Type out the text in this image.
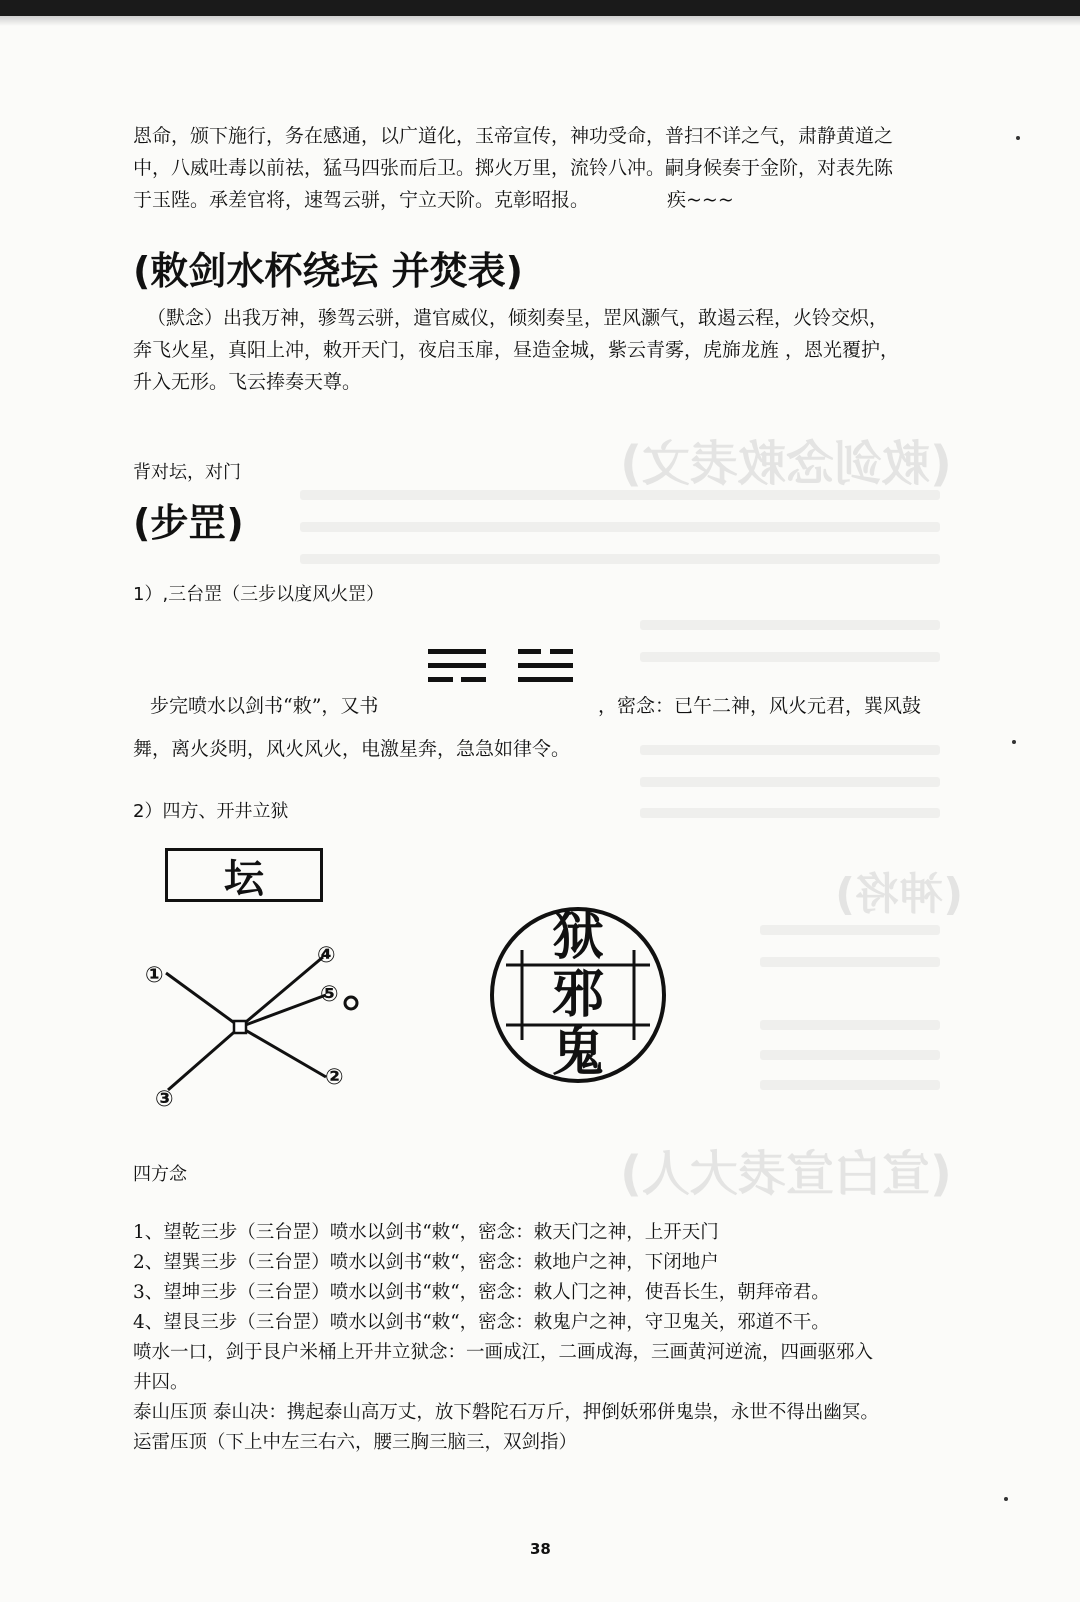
(敕剑念敕表文)
(神将)
(宣白宣表大人)
恩命，颁下施行，务在感通，以广道化，玉帝宣传，神功受命，普扫不详之气，肃静黄道之
中，八威吐毒以前祛，猛马四张而后卫。掷火万里，流铃八冲。嗣身候奏于金阶，对表先陈
于玉陛。承差官将，速驾云骈，宁立天阶。克彰昭报。	疾~~~
(敕剑水杯绕坛 并焚表)
（默念）出我万神，骖驾云骈，遣官威仪，倾刻奏呈，罡风灏气，敢遏云程，火铃交炽，
奔飞火星，真阳上冲，敕开天门，夜启玉扉，昼造金城，紫云青雾，虎旆龙旌 ，恩光覆护，
升入无形。飞云捧奏天尊。
背对坛，对门
(步罡)
1）,三台罡（三步以度风火罡）
步完喷水以剑书“敕”，又书	，密念：已午二神，风火元君，巽风鼓
舞，离火炎明，风火风火，电激星奔，急急如律令。
2）四方、开井立狱
坛
①
②
③
④
⑤
狱
邪
鬼
四方念
1、望乾三步（三台罡）喷水以剑书“敕“，密念：敕天门之神，上开天门
2、望巽三步（三台罡）喷水以剑书“敕“，密念：敕地户之神，下闭地户
3、望坤三步（三台罡）喷水以剑书“敕“，密念：敕人门之神，使吾长生，朝拜帝君。
4、望艮三步（三台罡）喷水以剑书“敕“，密念：敕鬼户之神，守卫鬼关，邪道不干。
喷水一口，剑于艮户米桶上开井立狱念：一画成江，二画成海，三画黄河逆流，四画驱邪入
井囚。
泰山压顶 泰山决：携起泰山高万丈，放下磐陀石万斤，押倒妖邪併鬼祟，永世不得出幽冥。
运雷压顶（下上中左三右六，腰三胸三脑三，双剑指）
38
